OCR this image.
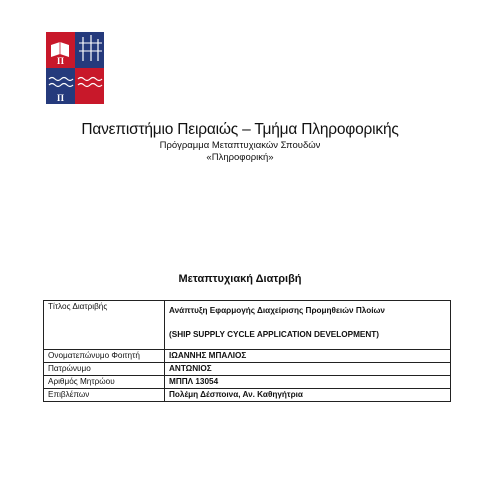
Π
Π
Πανεπιστήμιο Πειραιώς – Τμήμα Πληροφορικής
Πρόγραμμα Μεταπτυχιακών Σπουδών
«Πληροφορική»
Μεταπτυχιακή Διατριβή
Τίτλος Διατριβής	Ανάπτυξη Εφαρμογής Διαχείρισης Προμηθειών Πλοίων
(SHIP SUPPLY CYCLE APPLICATION DEVELOPMENT)

Ονοματεπώνυμο Φοιτητή	ΙΩΑΝΝΗΣ ΜΠΑΛΙΟΣ
Πατρώνυμο	ΑΝΤΩΝΙΟΣ
Αριθμός Μητρώου	ΜΠΠΛ 13054
Επιβλέπων	Πολέμη Δέσποινα, Αν. Καθηγήτρια
